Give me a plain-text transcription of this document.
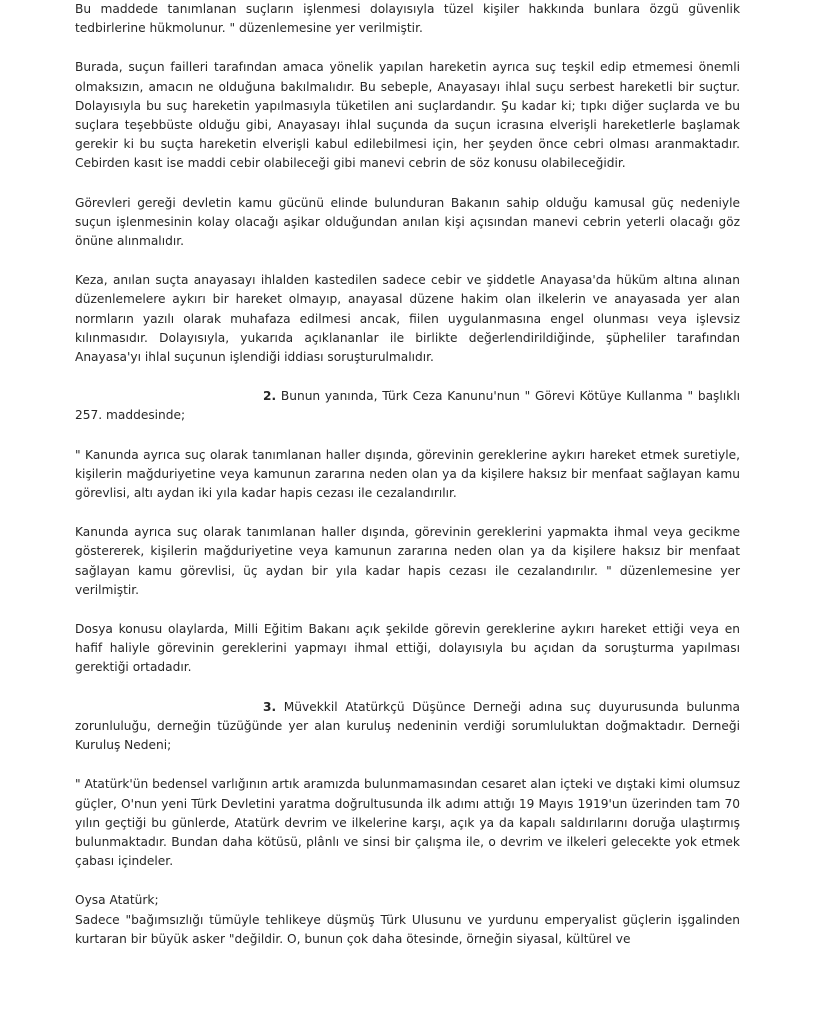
Bu maddede tanımlanan suçların işlenmesi dolayısıyla tüzel kişiler hakkında bunlara özgü güvenlik tedbirlerine hükmolunur. " düzenlemesine yer verilmiştir.

Burada, suçun failleri tarafından amaca yönelik yapılan hareketin ayrıca suç teşkil edip etmemesi önemli olmaksızın, amacın ne olduğuna bakılmalıdır. Bu sebeple, Anayasayı ihlal suçu serbest hareketli bir suçtur. Dolayısıyla bu suç hareketin yapılmasıyla tüketilen ani suçlardandır. Şu kadar ki; tıpkı diğer suçlarda ve bu suçlara teşebbüste olduğu gibi, Anayasayı ihlal suçunda da suçun icrasına elverişli hareketlerle başlamak gerekir ki bu suçta hareketin elverişli kabul edilebilmesi için, her şeyden önce cebri olması aranmaktadır. Cebirden kasıt ise maddi cebir olabileceği gibi manevi cebrin de söz konusu olabileceğidir.

Görevleri gereği devletin kamu gücünü elinde bulunduran Bakanın sahip olduğu kamusal güç nedeniyle suçun işlenmesinin kolay olacağı aşikar olduğundan anılan kişi açısından manevi cebrin yeterli olacağı göz önüne alınmalıdır.

Keza, anılan suçta anayasayı ihlalden kastedilen sadece cebir ve şiddetle Anayasa'da hüküm altına alınan düzenlemelere aykırı bir hareket olmayıp, anayasal düzene hakim olan ilkelerin ve anayasada yer alan normların yazılı olarak muhafaza edilmesi ancak, fiilen uygulanmasına engel olunması veya işlevsiz kılınmasıdır. Dolayısıyla, yukarıda açıklananlar ile birlikte değerlendirildiğinde, şüpheliler tarafından Anayasa'yı ihlal suçunun işlendiği iddiası soruşturulmalıdır.

2. Bunun yanında, Türk Ceza Kanunu'nun " Görevi Kötüye Kullanma " başlıklı 257. maddesinde;

" Kanunda ayrıca suç olarak tanımlanan haller dışında, görevinin gereklerine aykırı hareket etmek suretiyle, kişilerin mağduriyetine veya kamunun zararına neden olan ya da kişilere haksız bir menfaat sağlayan kamu görevlisi, altı aydan iki yıla kadar hapis cezası ile cezalandırılır.

Kanunda ayrıca suç olarak tanımlanan haller dışında, görevinin gereklerini yapmakta ihmal veya gecikme göstererek, kişilerin mağduriyetine veya kamunun zararına neden olan ya da kişilere haksız bir menfaat sağlayan kamu görevlisi, üç aydan bir yıla kadar hapis cezası ile cezalandırılır. " düzenlemesine yer verilmiştir.

Dosya konusu olaylarda, Milli Eğitim Bakanı açık şekilde görevin gereklerine aykırı hareket ettiği veya en hafif haliyle görevinin gereklerini yapmayı ihmal ettiği, dolayısıyla bu açıdan da soruşturma yapılması gerektiği ortadadır.

3. Müvekkil Atatürkçü Düşünce Derneği adına suç duyurusunda bulunma zorunluluğu, derneğin tüzüğünde yer alan kuruluş nedeninin verdiği sorumluluktan doğmaktadır. Derneği Kuruluş Nedeni;

" Atatürk'ün bedensel varlığının artık aramızda bulunmamasından cesaret alan içteki ve dıştaki kimi olumsuz güçler, O'nun yeni Türk Devletini yaratma doğrultusunda ilk adımı attığı 19 Mayıs 1919'un üzerinden tam 70 yılın geçtiği bu günlerde, Atatürk devrim ve ilkelerine karşı, açık ya da kapalı saldırılarını doruğa ulaştırmış bulunmaktadır. Bundan daha kötüsü, plânlı ve sinsi bir çalışma ile, o devrim ve ilkeleri gelecekte yok etmek çabası içindeler.

Oysa Atatürk;

Sadece "bağımsızlığı tümüyle tehlikeye düşmüş Türk Ulusunu ve yurdunu emperyalist güçlerin işgalinden kurtaran bir büyük asker "değildir. O, bunun çok daha ötesinde, örneğin siyasal, kültürel ve
